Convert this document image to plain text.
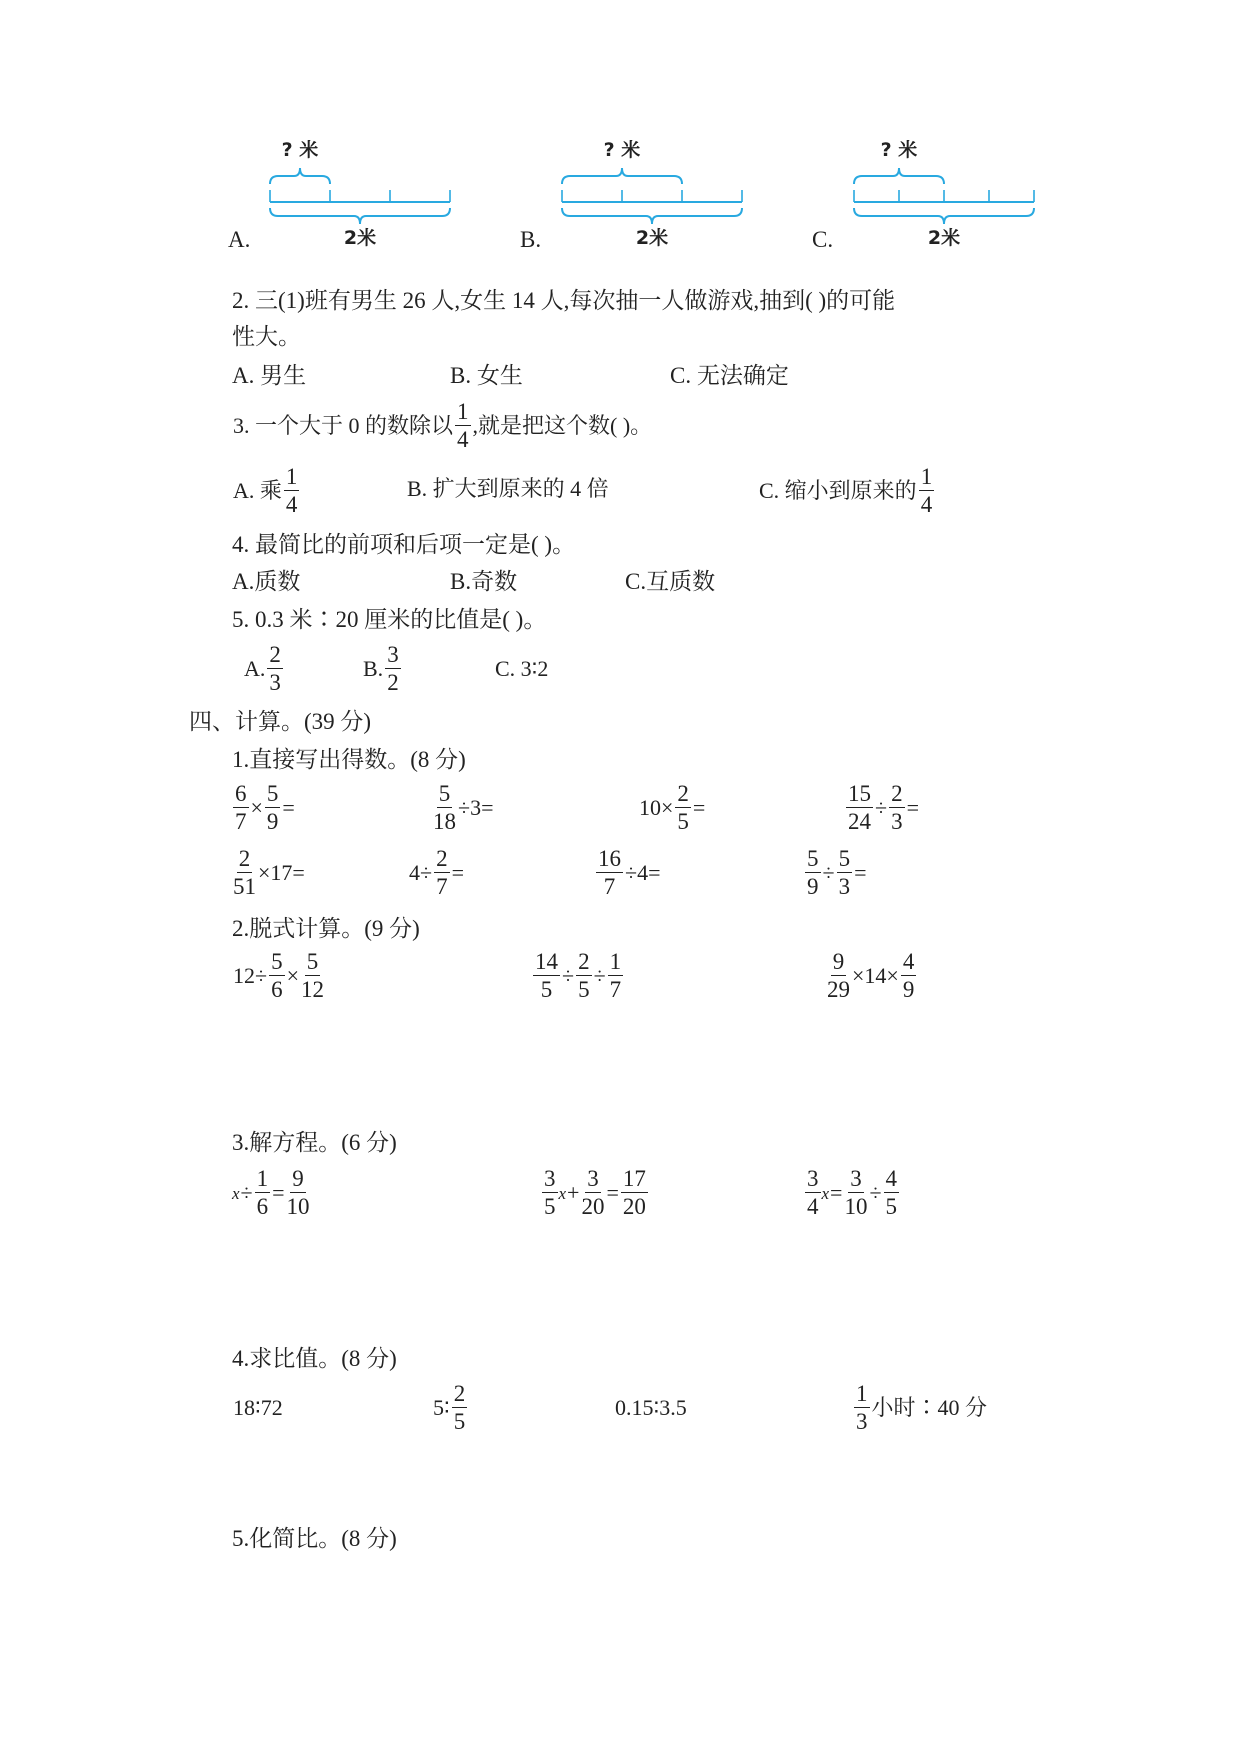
A.
? 米
2米	B.
? 米
2米	C.
? 米
2米
2. 三(1)班有男生 26 人,女生 14 人,每次抽一人做游戏,抽到( )的可能
性大。
A. 男生	B. 女生	C. 无法确定
3. 一个大于 0 的数除以 $\frac{1}{4}$ ,就是把这个数( )。
A. 乘 $\frac{1}{4}$	B. 扩大到原来的 4 倍	C. 缩小到原来的 $\frac{1}{4}$
4. 最简比的前项和后项一定是( )。
A.质数	B.奇数	C.互质数
5. 0.3 米∶20 厘米的比值是( )。
A. $\frac{2}{3}$	B. $\frac{3}{2}$	C. 3∶2
四、计算。(39 分)
1.直接写出得数。(8 分)
$\frac{6}{7} \times \frac{5}{9}$ =	$\frac{5}{18} \div 3=$	$10\times \frac{2}{5}$ =	$\frac{15}{24} \div \frac{2}{3}$ =
$\frac{2}{51} \times 17=$	$4\div \frac{2}{7}$ =	$\frac{16}{7} \div 4=$	$\frac{5}{9} \div \frac{5}{3}$ =
2.脱式计算。(9 分)
$12\div \frac{5}{6} \times \frac{5}{12}$	$\frac{14}{5} \div \frac{2}{5} \div \frac{1}{7}$	$\frac{9}{29} \times 14\times \frac{4}{9}$
3.解方程。(6 分)
$x \div \frac{1}{6} = \frac{9}{10}$	$\frac{3}{5}$ $x + \frac{3}{20} = \frac{17}{20}$	$\frac{3}{4}$ $x = \frac{3}{10} \div \frac{4}{5}$
4.求比值。(8 分)
18∶72	5∶ $\frac{2}{5}$	0.15∶3.5	$\frac{1}{3}$ 小时∶40 分
5.化简比。(8 分)
